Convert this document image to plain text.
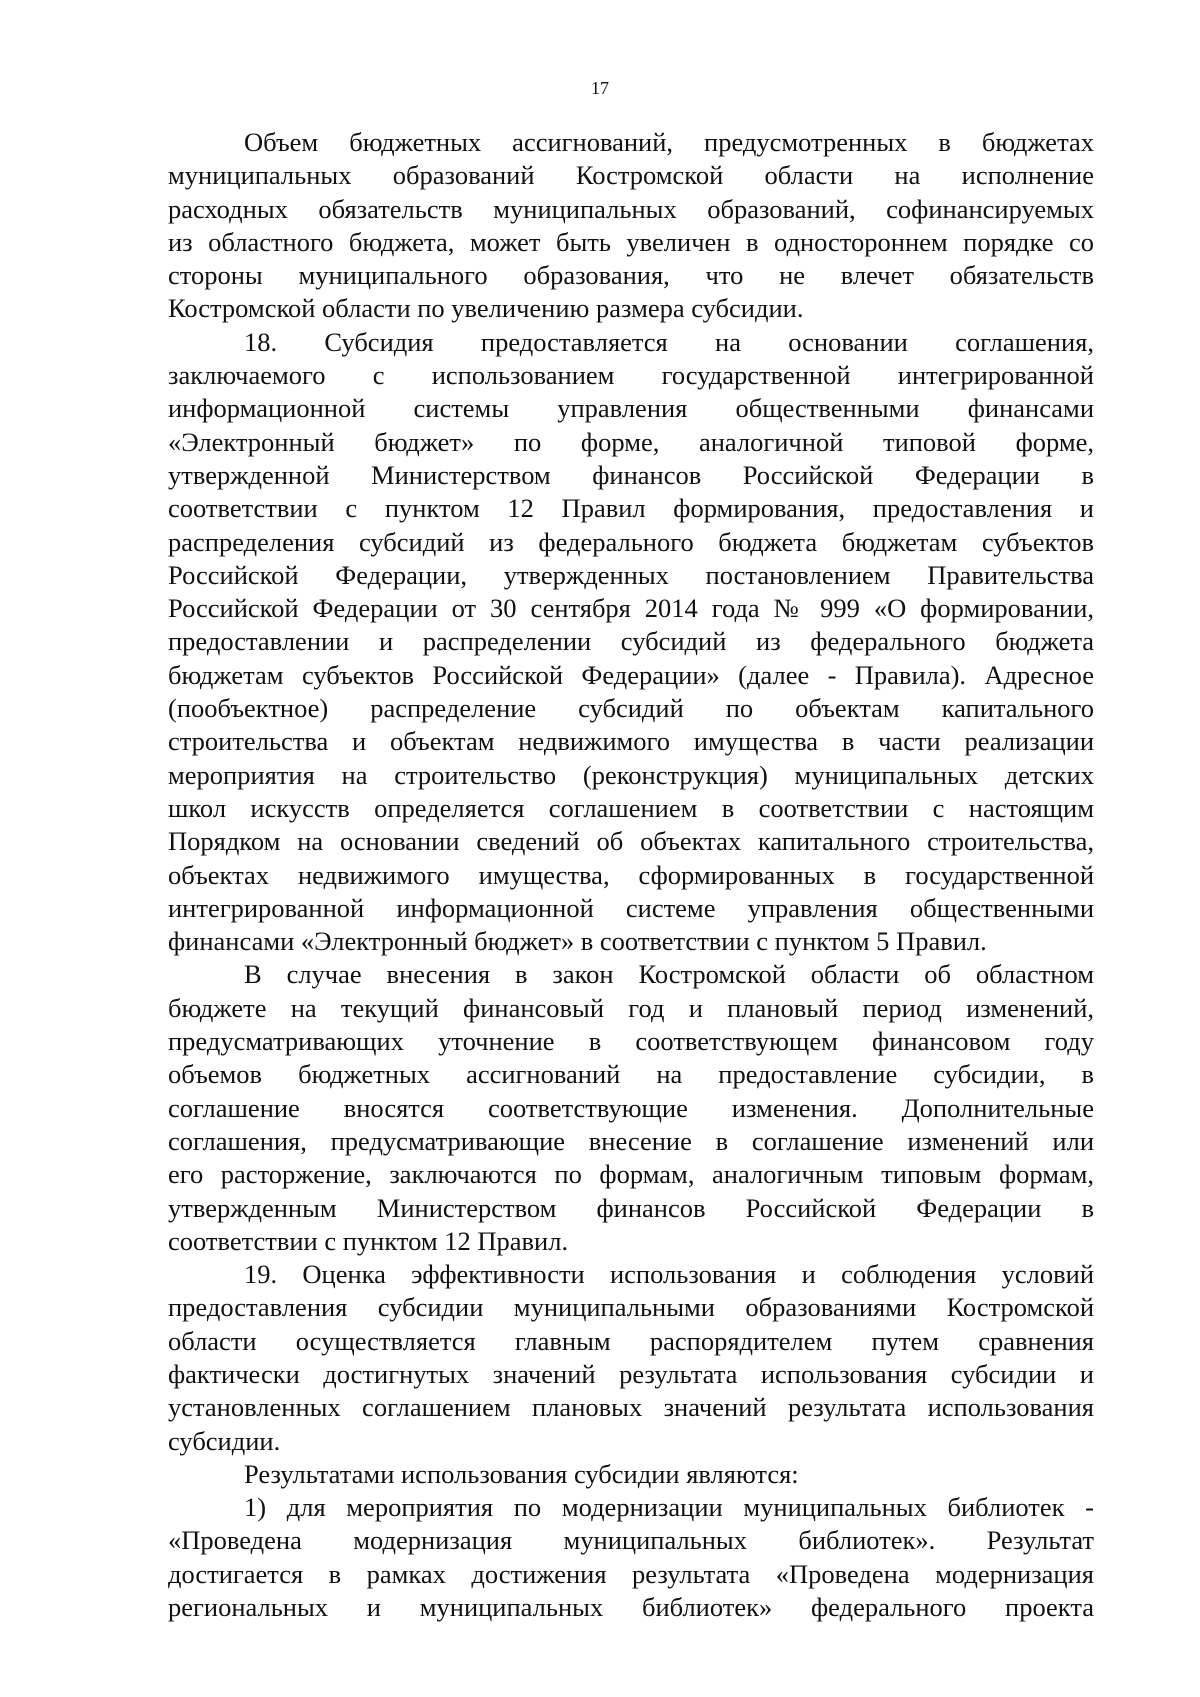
17
Объем бюджетных ассигнований, предусмотренных в бюджетах
муниципальных образований Костромской области на исполнение
расходных обязательств муниципальных образований, софинансируемых
из областного бюджета, может быть увеличен в одностороннем порядке со
стороны муниципального образования, что не влечет обязательств
Костромской области по увеличению размера субсидии.
18. Субсидия предоставляется на основании соглашения,
заключаемого с использованием государственной интегрированной
информационной системы управления общественными финансами
«Электронный бюджет» по форме, аналогичной типовой форме,
утвержденной Министерством финансов Российской Федерации в
соответствии с пунктом 12 Правил формирования, предоставления и
распределения субсидий из федерального бюджета бюджетам субъектов
Российской Федерации, утвержденных постановлением Правительства
Российской Федерации от 30 сентября 2014 года № 999 «О формировании,
предоставлении и распределении субсидий из федерального бюджета
бюджетам субъектов Российской Федерации» (далее - Правила). Адресное
(пообъектное) распределение субсидий по объектам капитального
строительства и объектам недвижимого имущества в части реализации
мероприятия на строительство (реконструкция) муниципальных детских
школ искусств определяется соглашением в соответствии с настоящим
Порядком на основании сведений об объектах капитального строительства,
объектах недвижимого имущества, сформированных в государственной
интегрированной информационной системе управления общественными
финансами «Электронный бюджет» в соответствии с пунктом 5 Правил.
В случае внесения в закон Костромской области об областном
бюджете на текущий финансовый год и плановый период изменений,
предусматривающих уточнение в соответствующем финансовом году
объемов бюджетных ассигнований на предоставление субсидии, в
соглашение вносятся соответствующие изменения. Дополнительные
соглашения, предусматривающие внесение в соглашение изменений или
его расторжение, заключаются по формам, аналогичным типовым формам,
утвержденным Министерством финансов Российской Федерации в
соответствии с пунктом 12 Правил.
19. Оценка эффективности использования и соблюдения условий
предоставления субсидии муниципальными образованиями Костромской
области осуществляется главным распорядителем путем сравнения
фактически достигнутых значений результата использования субсидии и
установленных соглашением плановых значений результата использования
субсидии.
Результатами использования субсидии являются:
1) для мероприятия по модернизации муниципальных библиотек -
«Проведена модернизация муниципальных библиотек». Результат
достигается в рамках достижения результата «Проведена модернизация
региональных и муниципальных библиотек» федерального проекта
